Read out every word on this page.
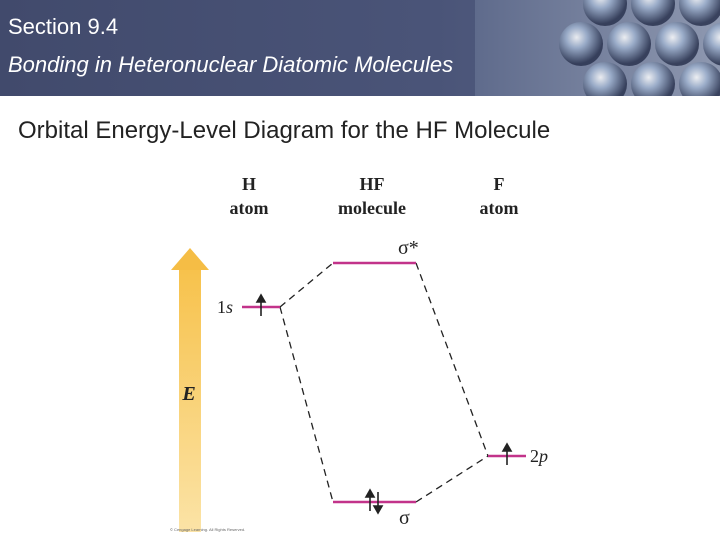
Section 9.4
Bonding in Heteronuclear Diatomic Molecules
Orbital Energy-Level Diagram for the HF Molecule
H
atom
HF
molecule
F
atom
E
1s
σ*
σ
2p
© Cengage Learning. All Rights Reserved.
